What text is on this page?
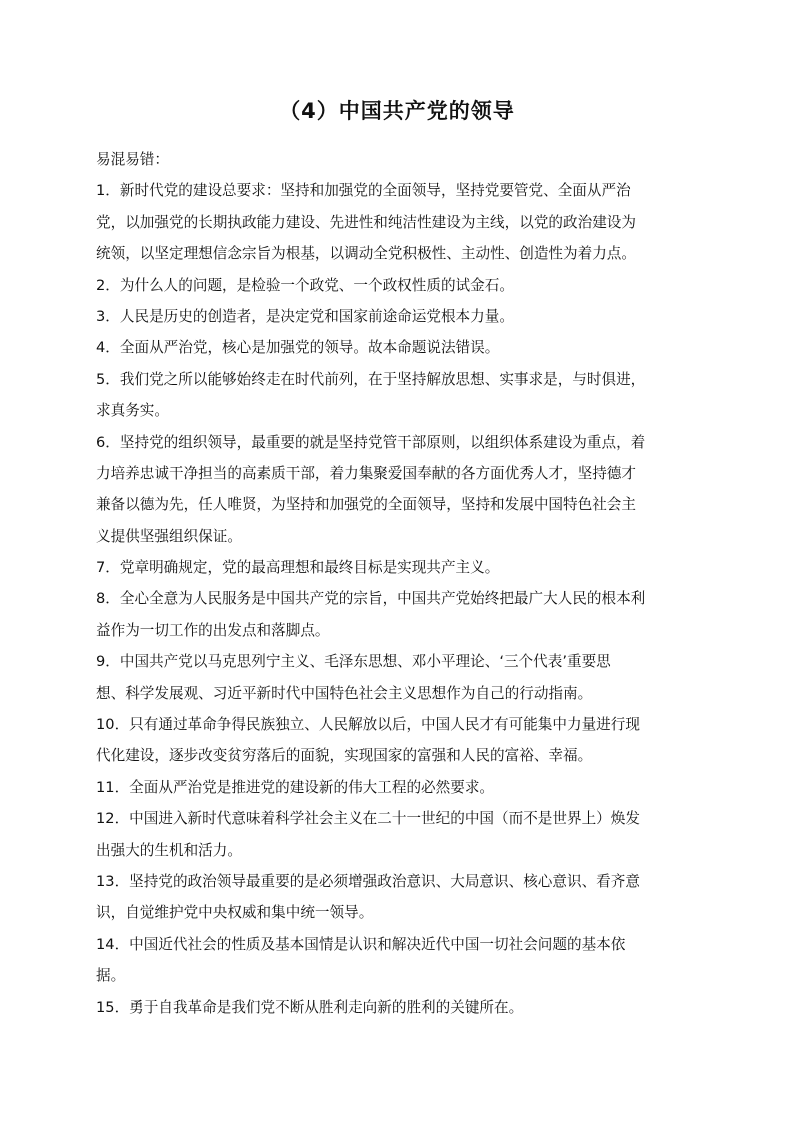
（4）中国共产党的领导
易混易错：
1．新时代党的建设总要求：坚持和加强党的全面领导，坚持党要管党、全面从严治
党，以加强党的长期执政能力建设、先进性和纯洁性建设为主线，以党的政治建设为
统领，以坚定理想信念宗旨为根基，以调动全党积极性、主动性、创造性为着力点。
2．为什么人的问题，是检验一个政党、一个政权性质的试金石。
3．人民是历史的创造者，是决定党和国家前途命运党根本力量。
4．全面从严治党，核心是加强党的领导。故本命题说法错误。
5．我们党之所以能够始终走在时代前列，在于坚持解放思想、实事求是，与时俱进，
求真务实。
6．坚持党的组织领导，最重要的就是坚持党管干部原则，以组织体系建设为重点，着
力培养忠诚干净担当的高素质干部，着力集聚爱国奉献的各方面优秀人才，坚持德才
兼备以德为先，任人唯贤，为坚持和加强党的全面领导，坚持和发展中国特色社会主
义提供坚强组织保证。
7．党章明确规定，党的最高理想和最终目标是实现共产主义。
8．全心全意为人民服务是中国共产党的宗旨，中国共产党始终把最广大人民的根本利
益作为一切工作的出发点和落脚点。
9．中国共产党以马克思列宁主义、毛泽东思想、邓小平理论、‘三个代表’重要思
想、科学发展观、习近平新时代中国特色社会主义思想作为自己的行动指南。
10．只有通过革命争得民族独立、人民解放以后，中国人民才有可能集中力量进行现
代化建设，逐步改变贫穷落后的面貌，实现国家的富强和人民的富裕、幸福。
11．全面从严治党是推进党的建设新的伟大工程的必然要求。
12．中国进入新时代意味着科学社会主义在二十一世纪的中国（而不是世界上）焕发
出强大的生机和活力。
13．坚持党的政治领导最重要的是必须增强政治意识、大局意识、核心意识、看齐意
识，自觉维护党中央权威和集中统一领导。
14．中国近代社会的性质及基本国情是认识和解决近代中国一切社会问题的基本依
据。
15．勇于自我革命是我们党不断从胜利走向新的胜利的关键所在。
